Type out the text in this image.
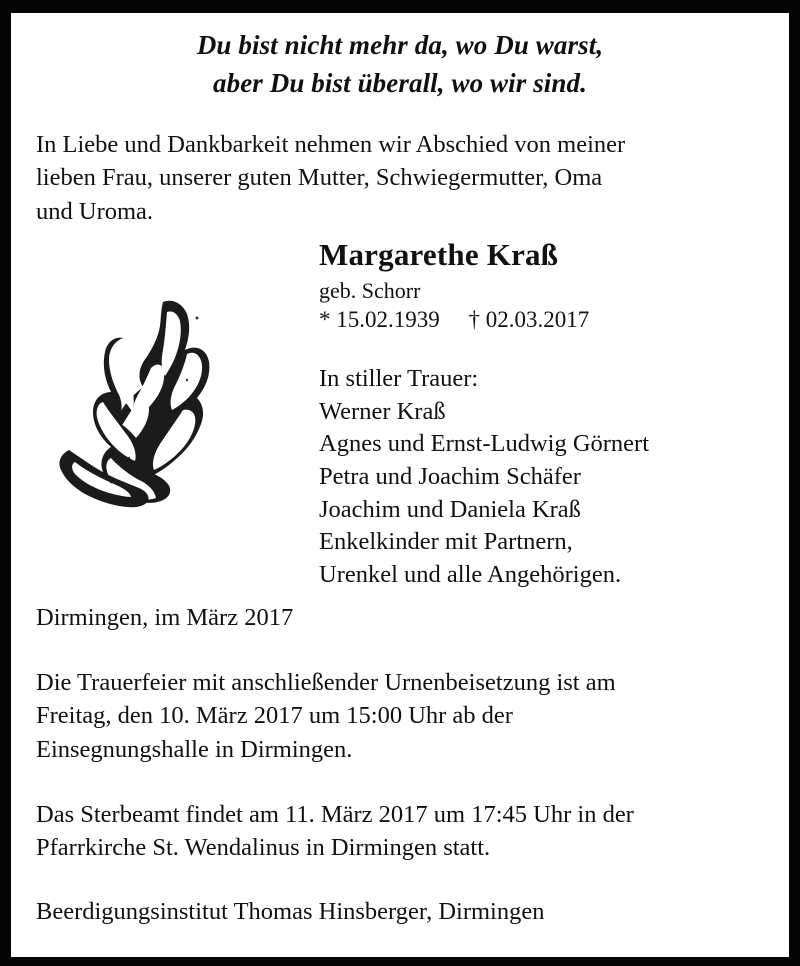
Du bist nicht mehr da, wo Du warst,
aber Du bist überall, wo wir sind.
In Liebe und Dankbarkeit nehmen wir Abschied von meiner
lieben Frau, unserer guten Mutter, Schwiegermutter, Oma
und Uroma.
Margarethe Kraß
geb. Schorr
* 15.02.1939     † 02.03.2017
In stiller Trauer:
Werner Kraß
Agnes und Ernst-Ludwig Görnert
Petra und Joachim Schäfer
Joachim und Daniela Kraß
Enkelkinder mit Partnern,
Urenkel und alle Angehörigen.

Dirmingen, im März 2017

Die Trauerfeier mit anschließender Urnenbeisetzung ist am
Freitag, den 10. März 2017 um 15:00 Uhr ab der
Einsegnungshalle in Dirmingen.

Das Sterbeamt findet am 11. März 2017 um 17:45 Uhr in der
Pfarrkirche St. Wendalinus in Dirmingen statt.

Beerdigungsinstitut Thomas Hinsberger, Dirmingen
